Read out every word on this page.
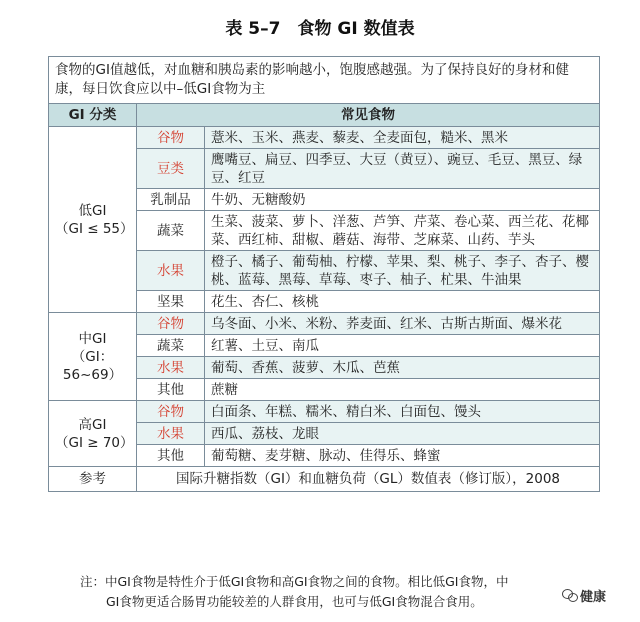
表 5–7　食物 GI 数值表
食物的GI值越低，对血糖和胰岛素的影响越小，饱腹感越强。为了保持良好的身材和健康，每日饮食应以中–低GI食物为主		
GI 分类	常见食物	

低GI
（GI ≤ 55）	谷物	薏米、玉米、燕麦、藜麦、全麦面包，糙米、黑米
	豆类	鹰嘴豆、扁豆、四季豆、大豆（黄豆）、豌豆、毛豆、黑豆、绿豆、红豆
	乳制品	牛奶、无糖酸奶
	蔬菜	生菜、菠菜、萝卜、洋葱、芦笋、芹菜、卷心菜、西兰花、花椰菜、西红柿、甜椒、蘑菇、海带、芝麻菜、山药、芋头
	水果	橙子、橘子、葡萄柚、柠檬、苹果、梨、桃子、李子、杏子、樱桃、蓝莓、黑莓、草莓、枣子、柚子、杧果、牛油果
	坚果	花生、杏仁、核桃

中GI
（GI：56~69）	谷物	乌冬面、小米、米粉、荞麦面、红米、古斯古斯面、爆米花
	蔬菜	红薯、土豆、南瓜
	水果	葡萄、香蕉、菠萝、木瓜、芭蕉
	其他	蔗糖

高GI
（GI ≥ 70）	谷物	白面条、年糕、糯米、精白米、白面包、馒头
	水果	西瓜、荔枝、龙眼
	其他	葡萄糖、麦芽糖、脉动、佳得乐、蜂蜜
参考	国际升糖指数（GI）和血糖负荷（GL）数值表（修订版），2008	
注：中GI食物是特性介于低GI食物和高GI食物之间的食物。相比低GI食物，中
GI食物更适合肠胃功能较差的人群食用，也可与低GI食物混合食用。	健康
